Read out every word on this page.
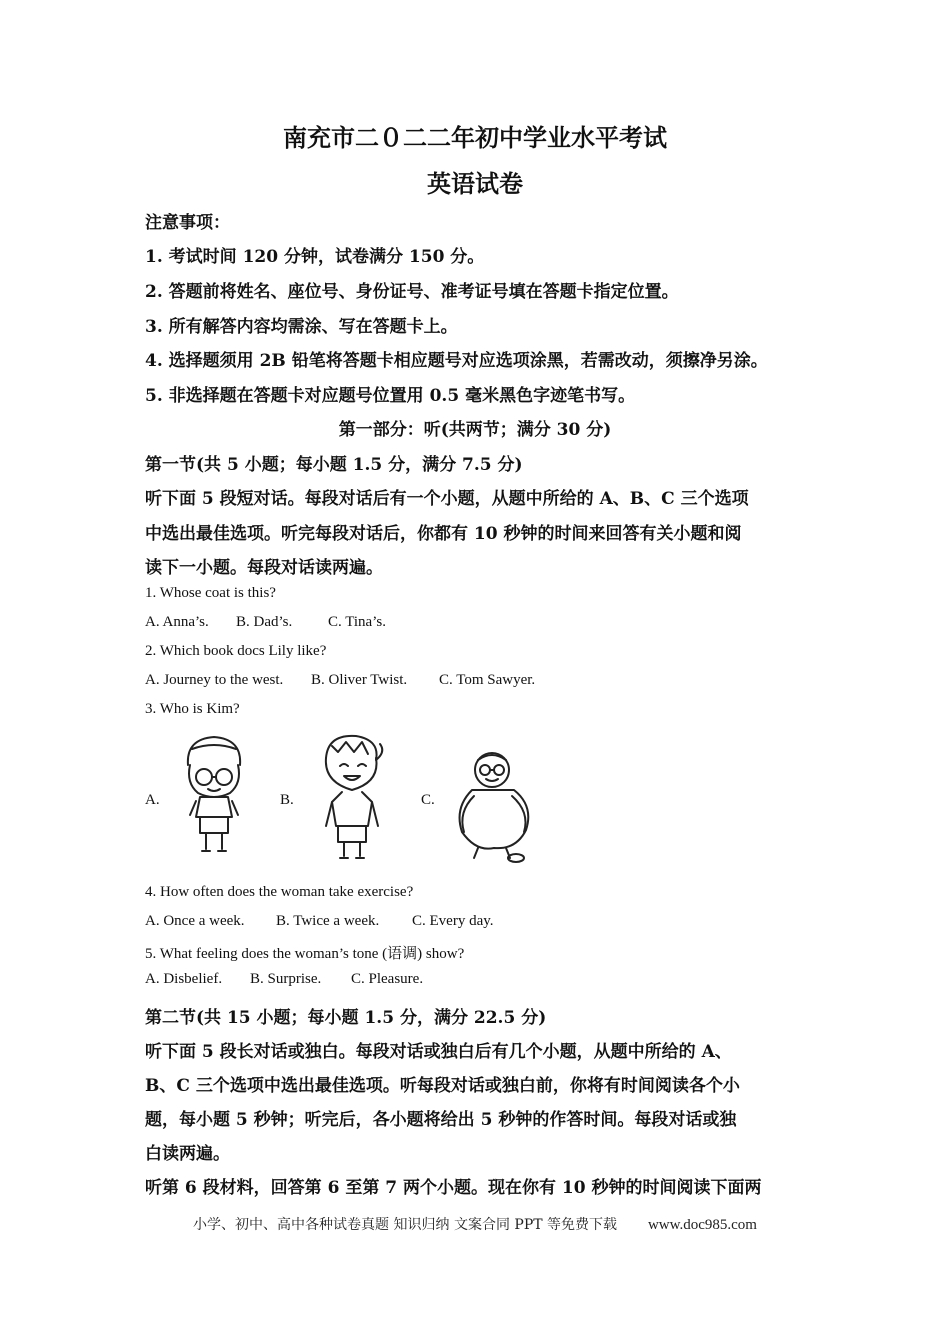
南充市二０二二年初中学业水平考试
英语试卷
注意事项：
1. 考试时间 120 分钟，试卷满分 150 分。
2. 答题前将姓名、座位号、身份证号、准考证号填在答题卡指定位置。
3. 所有解答内容均需涂、写在答题卡上。
4. 选择题须用 2B 铅笔将答题卡相应题号对应选项涂黑，若需改动，须擦净另涂。
5. 非选择题在答题卡对应题号位置用 0.5 毫米黑色字迹笔书写。
第一部分：听(共两节；满分 30 分)
第一节(共 5 小题；每小题 1.5 分，满分 7.5 分)
听下面 5 段短对话。每段对话后有一个小题，从题中所给的 A、B、C 三个选项
中选出最佳选项。听完每段对话后，你都有 10 秒钟的时间来回答有关小题和阅
读下一小题。每段对话读两遍。
1. Whose coat is this?
A. Anna’s. B. Dad’s. C. Tina’s.
2. Which book docs Lily like?
A. Journey to the west. B. Oliver Twist. C. Tom Sawyer.
3. Who is Kim?
A.	B.	C.
4. How often does the woman take exercise?
A. Once a week. B. Twice a week. C. Every day.
5. What feeling does the woman’s tone (语调) show?
A. Disbelief. B. Surprise. C. Pleasure.
第二节(共 15 小题；每小题 1.5 分，满分 22.5 分)
听下面 5 段长对话或独白。每段对话或独白后有几个小题，从题中所给的 A、
B、C 三个选项中选出最佳选项。听每段对话或独白前，你将有时间阅读各个小
题，每小题 5 秒钟；听完后，各小题将给出 5 秒钟的作答时间。每段对话或独
白读两遍。
听第 6 段材料，回答第 6 至第 7 两个小题。现在你有 10 秒钟的时间阅读下面两
小学、初中、高中各种试卷真题 知识归纳 文案合同 PPT 等免费下载 www.doc985.com
